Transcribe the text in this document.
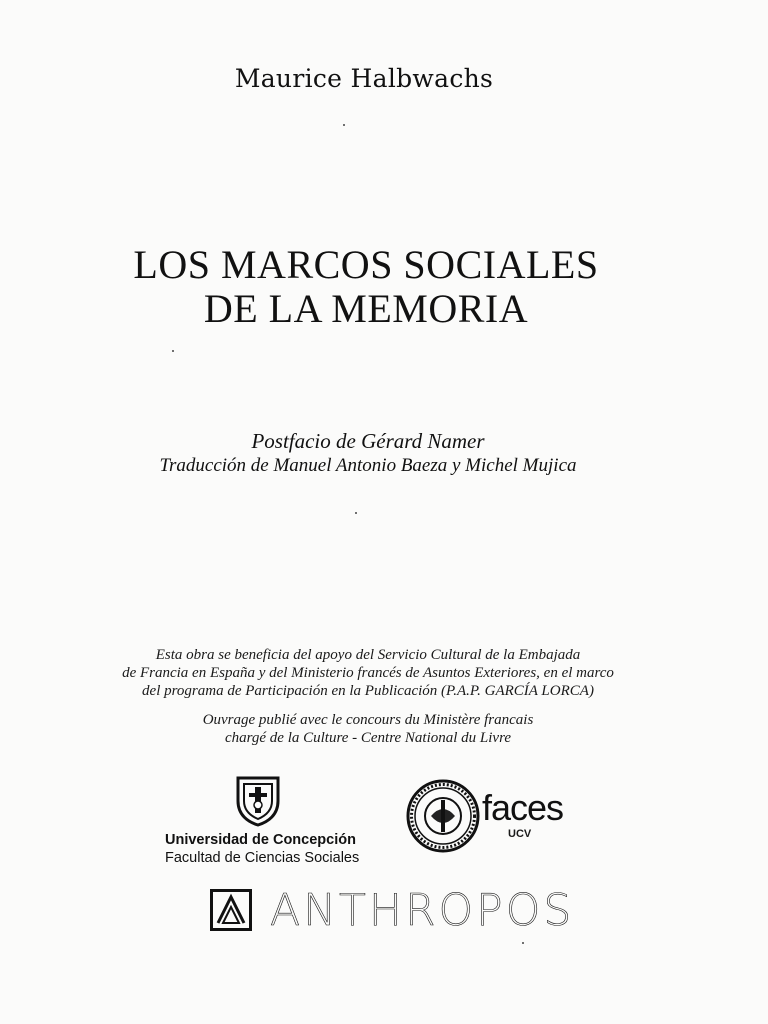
Maurice Halbwachs
LOS MARCOS SOCIALES
DE LA MEMORIA
Postfacio de Gérard Namer
Traducción de Manuel Antonio Baeza y Michel Mujica
Esta obra se beneficia del apoyo del Servicio Cultural de la Embajada
de Francia en España y del Ministerio francés de Asuntos Exteriores, en el marco
del programa de Participación en la Publicación (P.A.P. GARCÍA LORCA)
Ouvrage publié avec le concours du Ministère francais
chargé de la Culture - Centre National du Livre
Universidad de Concepción
Facultad de Ciencias Sociales
faces
UCV
ANTHROPOS
